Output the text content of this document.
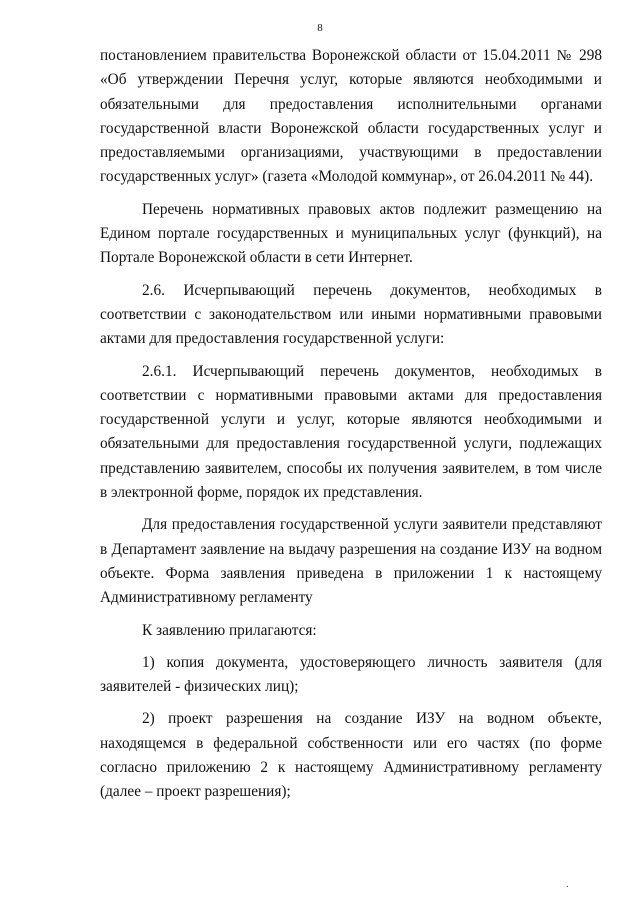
8

постановлением правительства Воронежской области от 15.04.2011 № 298 «Об утверждении Перечня услуг, которые являются необходимыми и обязательными для предоставления исполнительными органами государственной власти Воронежской области государственных услуг и предоставляемыми организациями, участвующими в предоставлении государственных услуг» (газета «Молодой коммунар», от 26.04.2011 № 44).

Перечень нормативных правовых актов подлежит размещению на Едином портале государственных и муниципальных услуг (функций), на Портале Воронежской области в сети Интернет.

2.6. Исчерпывающий перечень документов, необходимых в соответствии с законодательством или иными нормативными правовыми актами для предоставления государственной услуги:

2.6.1. Исчерпывающий перечень документов, необходимых в соответствии с нормативными правовыми актами для предоставления государственной услуги и услуг, которые являются необходимыми и обязательными для предоставления государственной услуги, подлежащих представлению заявителем, способы их получения заявителем, в том числе в электронной форме, порядок их представления.

Для предоставления государственной услуги заявители представляют в Департамент заявление на выдачу разрешения на создание ИЗУ на водном объекте. Форма заявления приведена в приложении 1 к настоящему Административному регламенту

К заявлению прилагаются:

1) копия документа, удостоверяющего личность заявителя (для заявителей - физических лиц);

2) проект разрешения на создание ИЗУ на водном объекте, находящемся в федеральной собственности или его частях (по форме согласно приложению 2 к настоящему Административному регламенту (далее – проект разрешения);

.
